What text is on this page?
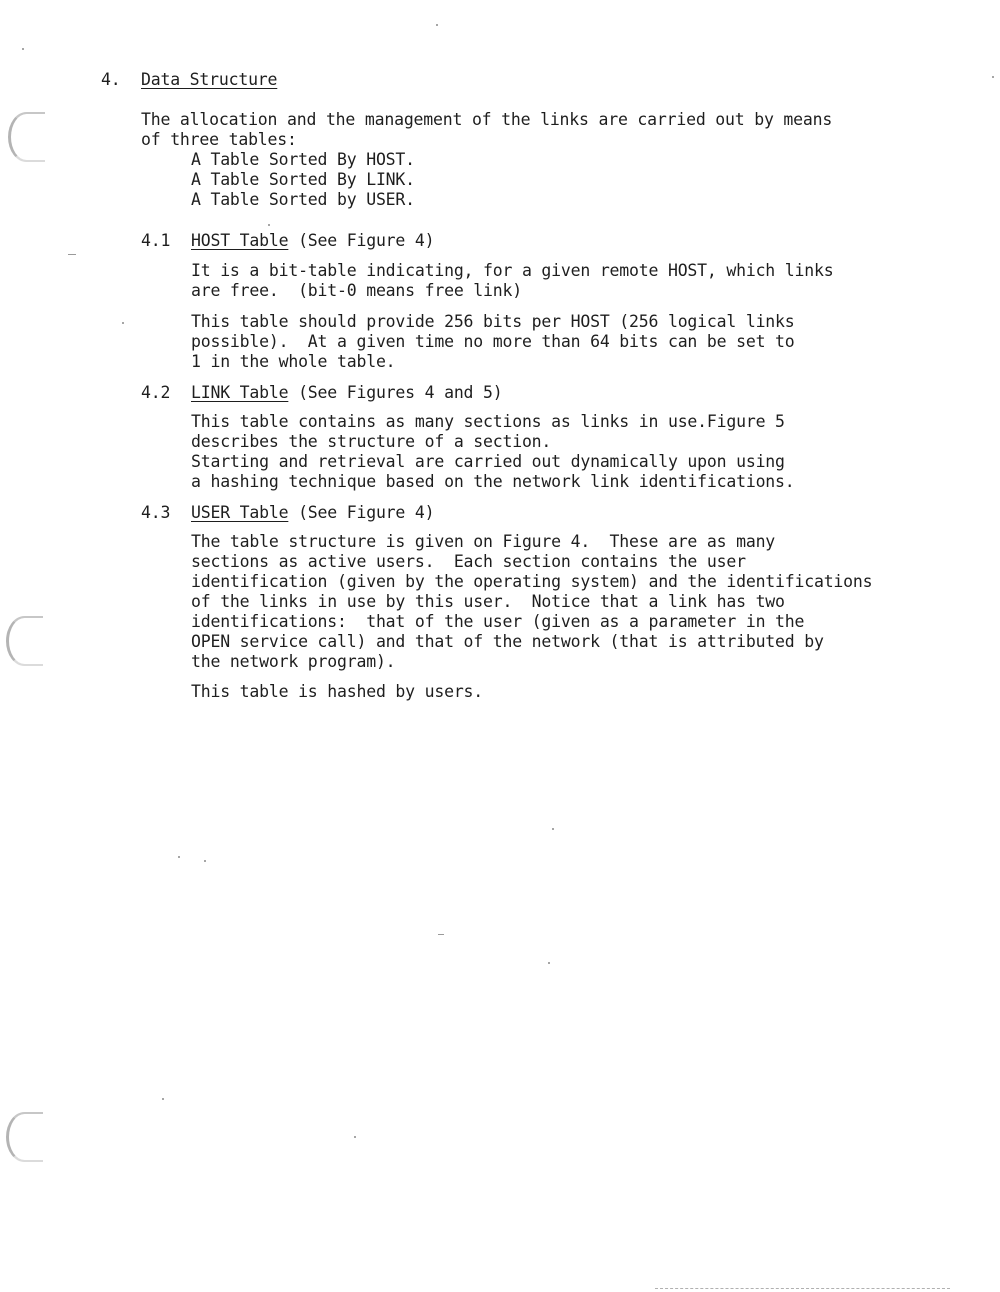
4. Data Structure
The allocation and the management of the links are carried out by means
of three tables:
A Table Sorted By HOST.
A Table Sorted By LINK.
A Table Sorted by USER.
4.1 HOST Table (See Figure 4)
It is a bit-table indicating, for a given remote HOST, which links
are free.  (bit-0 means free link)
This table should provide 256 bits per HOST (256 logical links
possible).  At a given time no more than 64 bits can be set to
1 in the whole table.
4.2 LINK Table (See Figures 4 and 5)
This table contains as many sections as links in use.Figure 5
describes the structure of a section.
Starting and retrieval are carried out dynamically upon using
a hashing technique based on the network link identifications.
4.3 USER Table (See Figure 4)
The table structure is given on Figure 4.  These are as many
sections as active users.  Each section contains the user
identification (given by the operating system) and the identifications
of the links in use by this user.  Notice that a link has two
identifications:  that of the user (given as a parameter in the
OPEN service call) and that of the network (that is attributed by
the network program).
This table is hashed by users.
